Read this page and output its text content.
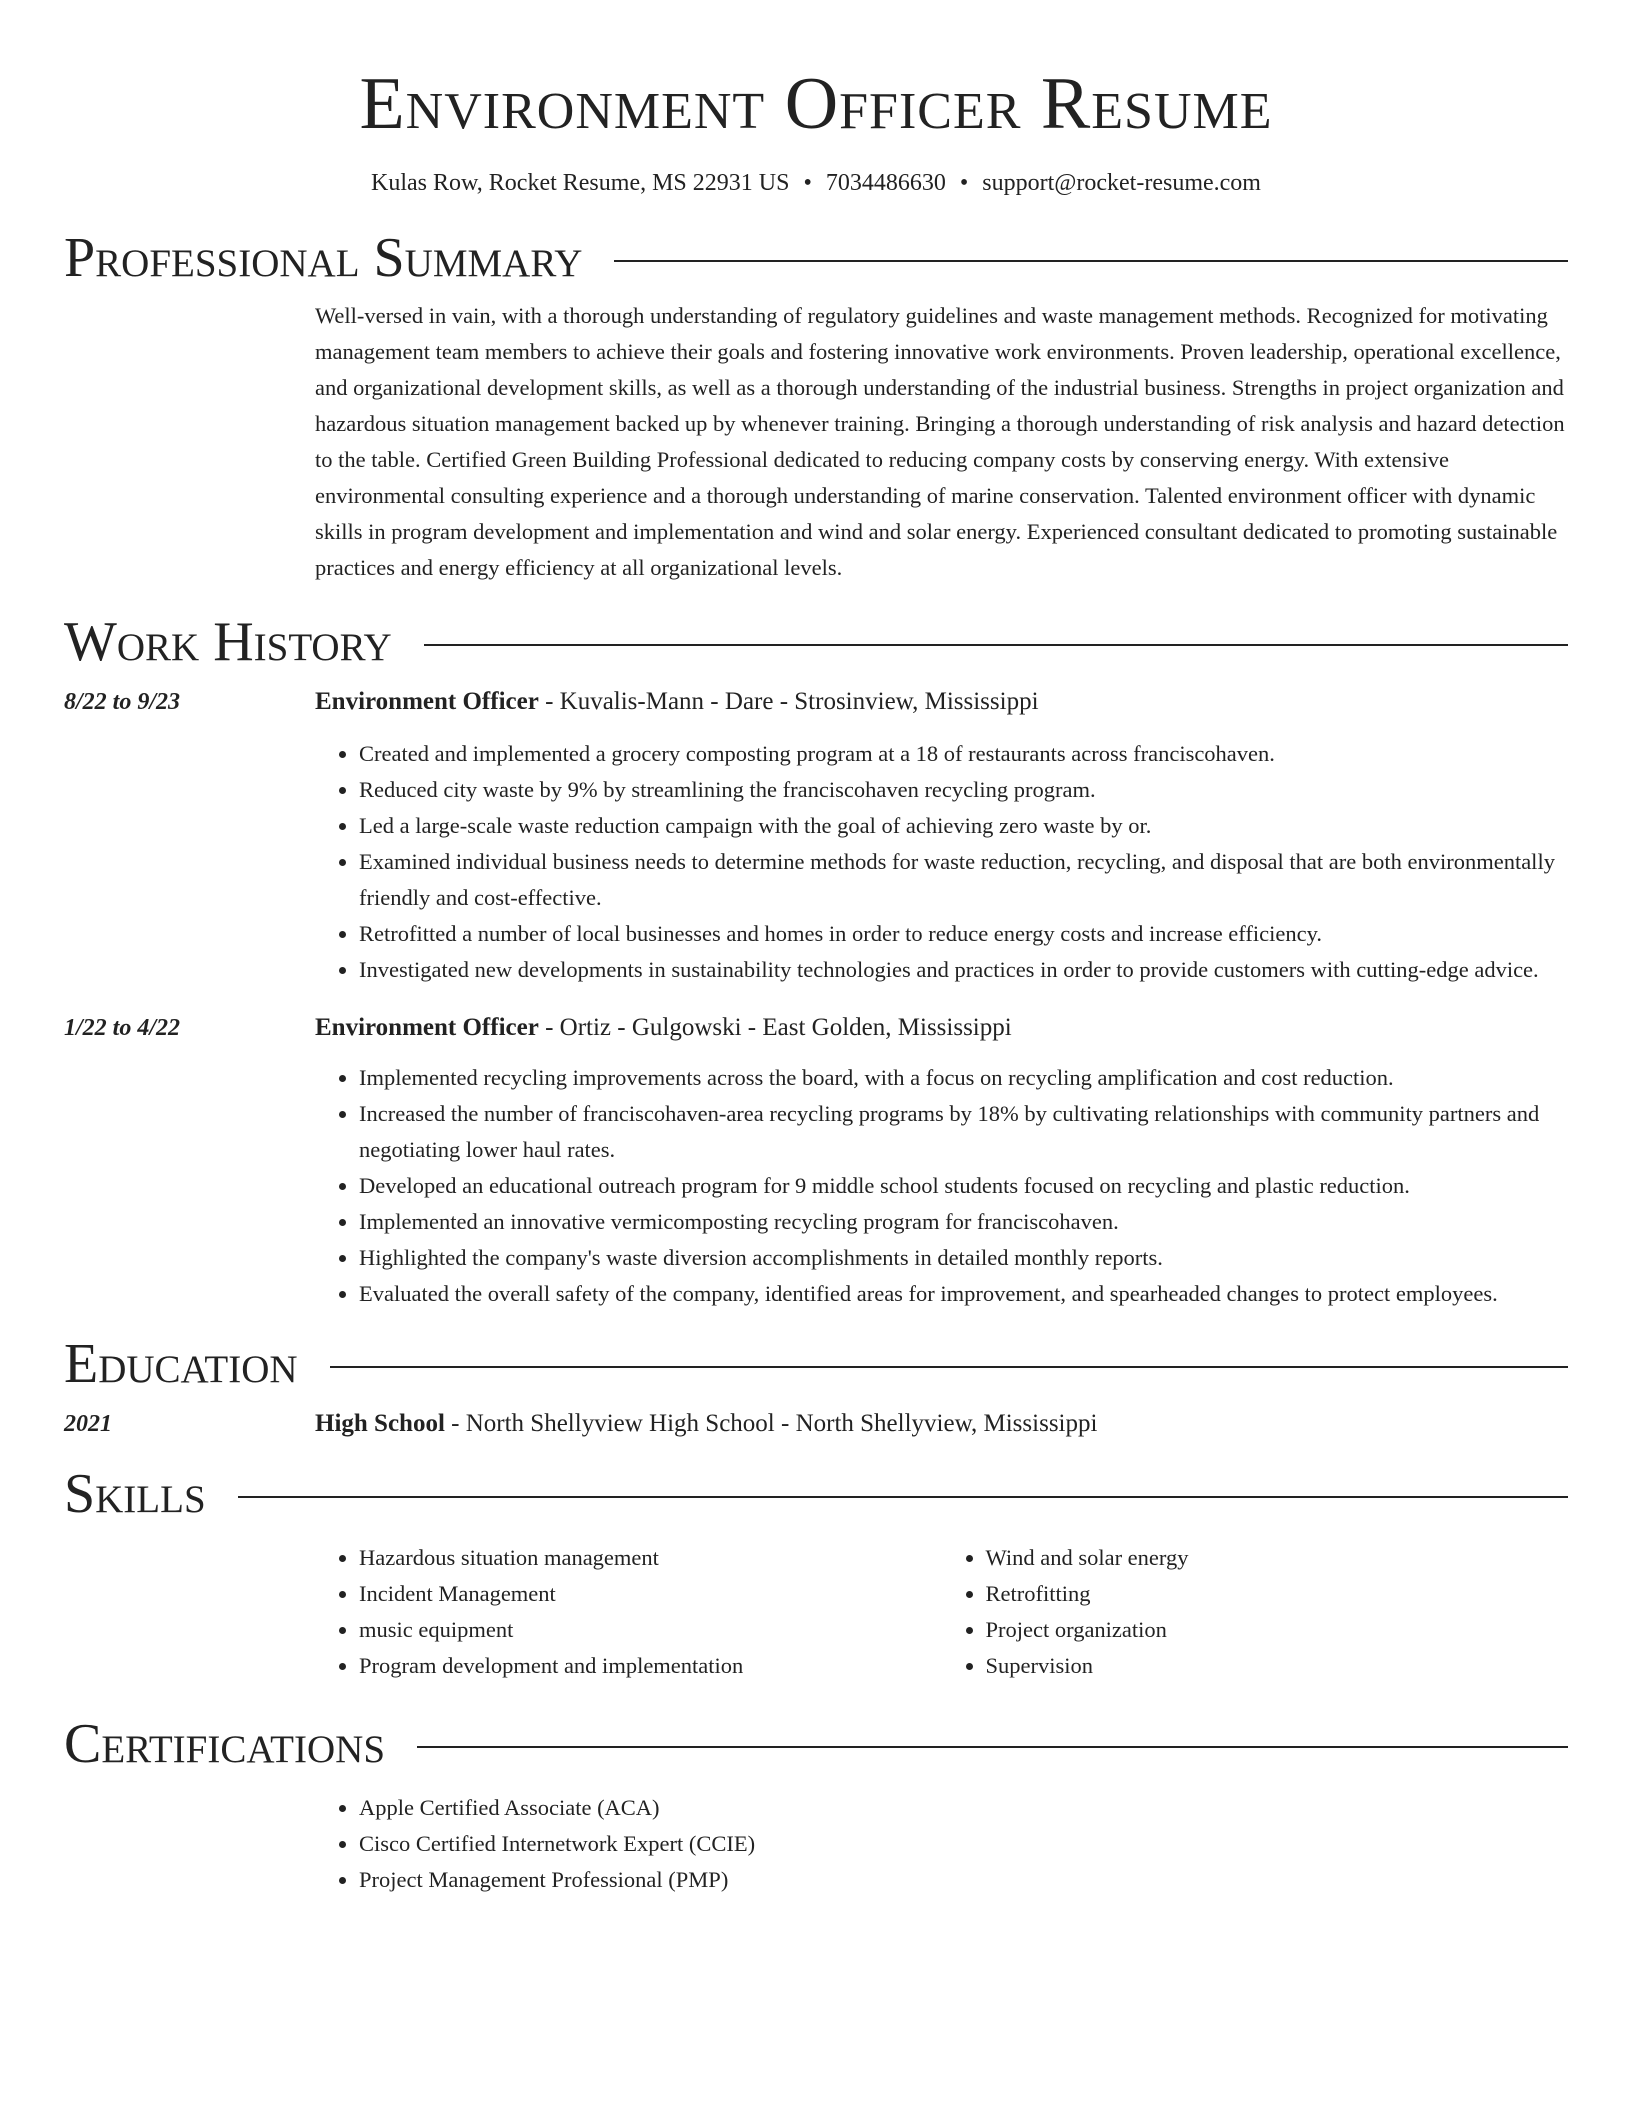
Environment Officer Resume
Kulas Row, Rocket Resume, MS 22931 US • 7034486630 • support@rocket-resume.com
Professional Summary
Well-versed in vain, with a thorough understanding of regulatory guidelines and waste management methods. Recognized for motivating management team members to achieve their goals and fostering innovative work environments. Proven leadership, operational excellence, and organizational development skills, as well as a thorough understanding of the industrial business. Strengths in project organization and hazardous situation management backed up by whenever training. Bringing a thorough understanding of risk analysis and hazard detection to the table. Certified Green Building Professional dedicated to reducing company costs by conserving energy. With extensive environmental consulting experience and a thorough understanding of marine conservation. Talented environment officer with dynamic skills in program development and implementation and wind and solar energy. Experienced consultant dedicated to promoting sustainable practices and energy efficiency at all organizational levels.
Work History
8/22 to 9/23	Environment Officer - Kuvalis-Mann - Dare - Strosinview, Mississippi
• Created and implemented a grocery composting program at a 18 of restaurants across franciscohaven.
• Reduced city waste by 9% by streamlining the franciscohaven recycling program.
• Led a large-scale waste reduction campaign with the goal of achieving zero waste by or.
• Examined individual business needs to determine methods for waste reduction, recycling, and disposal that are both environmentally friendly and cost-effective.
• Retrofitted a number of local businesses and homes in order to reduce energy costs and increase efficiency.
• Investigated new developments in sustainability technologies and practices in order to provide customers with cutting-edge advice.
1/22 to 4/22	Environment Officer - Ortiz - Gulgowski - East Golden, Mississippi
• Implemented recycling improvements across the board, with a focus on recycling amplification and cost reduction.
• Increased the number of franciscohaven-area recycling programs by 18% by cultivating relationships with community partners and negotiating lower haul rates.
• Developed an educational outreach program for 9 middle school students focused on recycling and plastic reduction.
• Implemented an innovative vermicomposting recycling program for franciscohaven.
• Highlighted the company's waste diversion accomplishments in detailed monthly reports.
• Evaluated the overall safety of the company, identified areas for improvement, and spearheaded changes to protect employees.
Education
2021	High School - North Shellyview High School - North Shellyview, Mississippi
Skills
• Hazardous situation management
• Incident Management
• music equipment
• Program development and implementation
• Wind and solar energy
• Retrofitting
• Project organization
• Supervision
Certifications
• Apple Certified Associate (ACA)
• Cisco Certified Internetwork Expert (CCIE)
• Project Management Professional (PMP)
